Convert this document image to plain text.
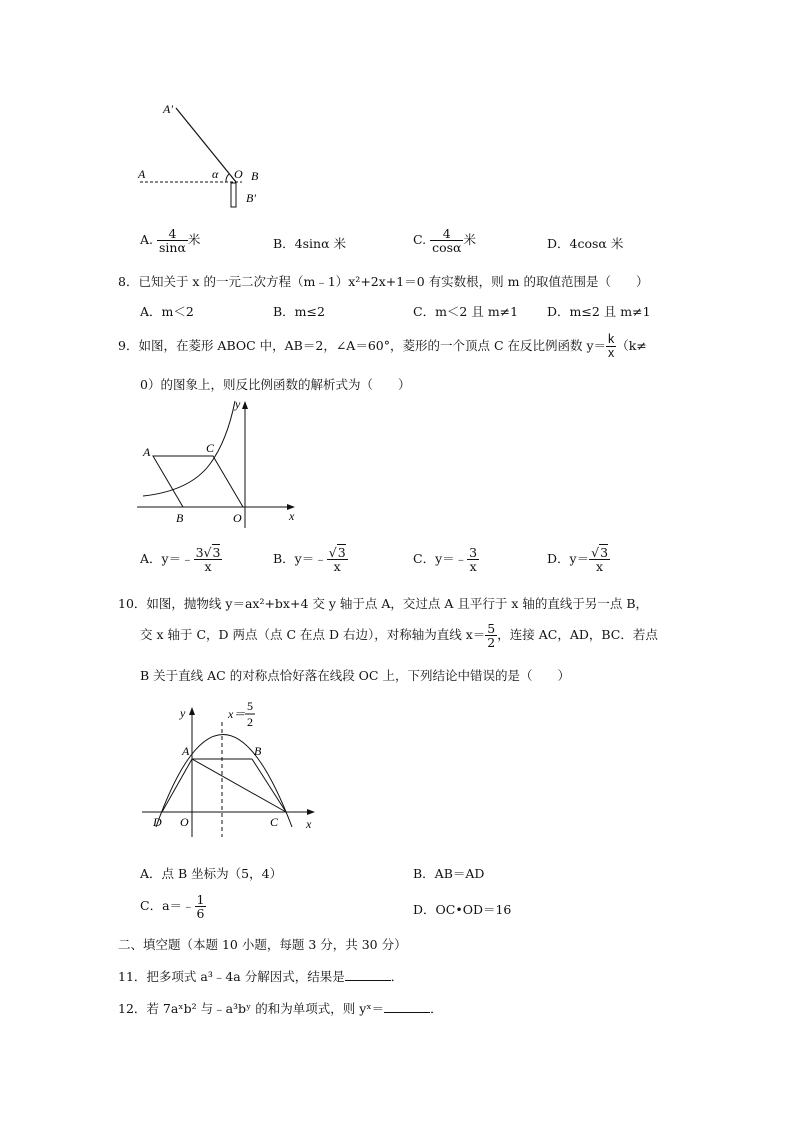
A'
A	α O B
B'
A. $\frac{4}{\sin\alpha}$ 米	B．4sinα 米	C. $\frac{4}{\cos\alpha}$ 米	D．4cosα 米
8．已知关于 x 的一元二次方程（m﹣1）x²+2x+1＝0 有实数根，则 m 的取值范围是（　　）
A．m＜2	B．m≤2	C．m＜2 且 m≠1 D．m≤2 且 m≠1
9．如图，在菱形 ABOC 中，AB＝2，∠A＝60°，菱形的一个顶点 C 在反比例函数 $y= \frac{k}{x} (k\ne$
0）的图象上，则反比例函数的解析式为（　　）
y
A	C
B	O	x
A．y＝﹣ $\frac{3√3}{x}$	B．y＝﹣ $\frac{√3}{x}$	C．y＝﹣ $\frac{3}{x}$	D．$y= \frac{√3}{x}$
10．如图，抛物线 y＝ax²+bx+4 交 y 轴于点 A，交过点 A 且平行于 x 轴的直线于另一点 B，
交 x 轴于 C，D 两点（点 C 在点 D 右边），对称轴为直线 $x= \frac{5}{2}$ ，连接 AC，AD，BC．若点
B 关于直线 AC 的对称点恰好落在线段 OC 上，下列结论中错误的是（　　）
y	x＝
5
2
A	B
D O	C x
A．点 B 坐标为（5，4）	B．AB＝AD
C．a＝﹣ $\frac{1}{6}$	D．OC•OD＝16
二、填空题（本题 10 小题，每题 3 分，共 30 分）
11．把多项式 a³﹣4a 分解因式，结果是	．
12．若 7aˣb² 与﹣a³bʸ 的和为单项式，则 yˣ＝	．
